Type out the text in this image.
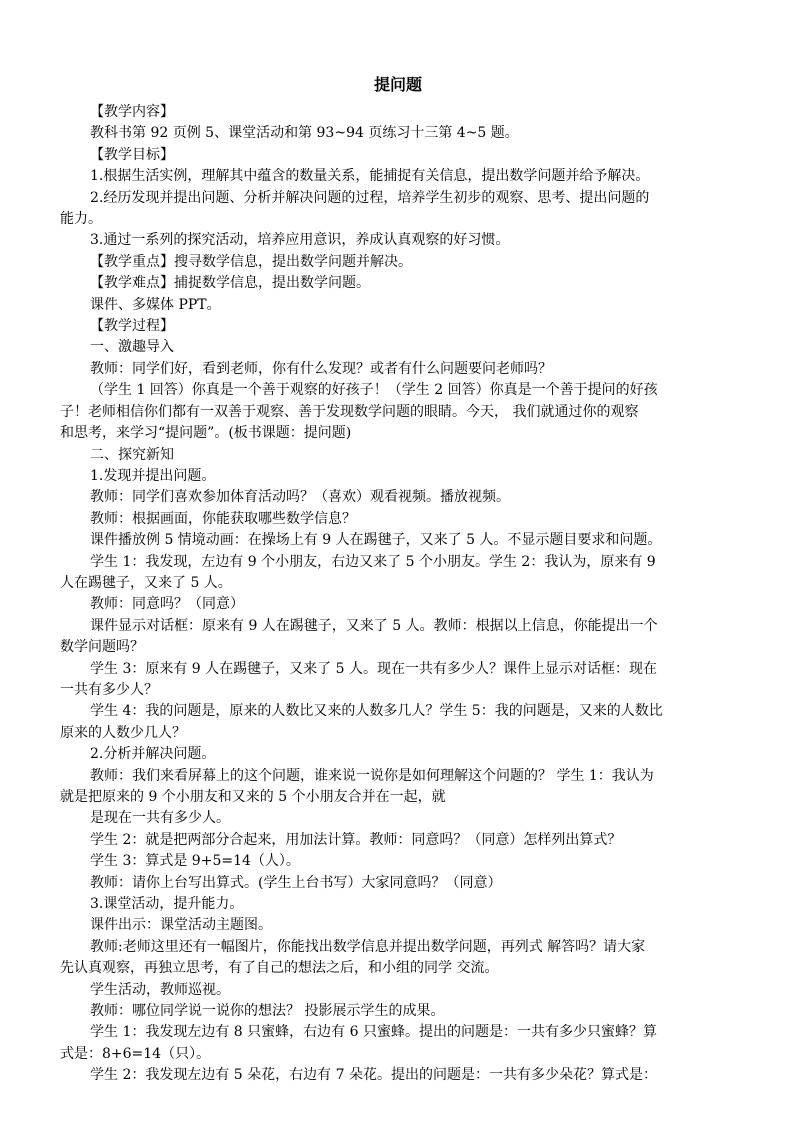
提问题
【教学内容】
教科书第 92 页例 5、课堂活动和第 93~94 页练习十三第 4~5 题。
【教学目标】
1.根据生活实例，理解其中蕴含的数量关系，能捕捉有关信息，提出数学问题并给予解决。
2.经历发现并提出问题、分析并解决问题的过程，培养学生初步的观察、思考、提出问题的
能力。
3.通过一系列的探究活动，培养应用意识，养成认真观察的好习惯。
【教学重点】搜寻数学信息，提出数学问题并解决。
【教学难点】捕捉数学信息，提出数学问题。
课件、多媒体 PPT。
【教学过程】
一、激趣导入
教师：同学们好，看到老师，你有什么发现？或者有什么问题要问老师吗？
（学生 1 回答）你真是一个善于观察的好孩子！（学生 2 回答）你真是一个善于提问的好孩
子！老师相信你们都有一双善于观察、善于发现数学问题的眼睛。今天， 我们就通过你的观察
和思考，来学习“提问题”。(板书课题：提问题)
二、探究新知
1.发现并提出问题。
教师：同学们喜欢参加体育活动吗？（喜欢）观看视频。播放视频。
教师：根据画面，你能获取哪些数学信息？
课件播放例 5 情境动画：在操场上有 9 人在踢毽子，又来了 5 人。不显示题目要求和问题。
学生 1：我发现，左边有 9 个小朋友，右边又来了 5 个小朋友。学生 2：我认为，原来有 9
人在踢毽子，又来了 5 人。
教师：同意吗？（同意）
课件显示对话框：原来有 9 人在踢毽子，又来了 5 人。教师：根据以上信息，你能提出一个
数学问题吗？
学生 3：原来有 9 人在踢毽子，又来了 5 人。现在一共有多少人？课件上显示对话框：现在
一共有多少人？
学生 4：我的问题是，原来的人数比又来的人数多几人？学生 5：我的问题是，又来的人数比
原来的人数少几人？
2.分析并解决问题。
教师：我们来看屏幕上的这个问题，谁来说一说你是如何理解这个问题的？ 学生 1：我认为
就是把原来的 9 个小朋友和又来的 5 个小朋友合并在一起，就
是现在一共有多少人。
学生 2：就是把两部分合起来，用加法计算。教师：同意吗？（同意）怎样列出算式？
学生 3：算式是 9+5=14（人）。
教师：请你上台写出算式。(学生上台书写）大家同意吗？（同意）
3.课堂活动，提升能力。
课件出示：课堂活动主题图。
教师:老师这里还有一幅图片，你能找出数学信息并提出数学问题，再列式 解答吗？请大家
先认真观察，再独立思考，有了自己的想法之后，和小组的同学 交流。
学生活动，教师巡视。
教师：哪位同学说一说你的想法？ 投影展示学生的成果。
学生 1：我发现左边有 8 只蜜蜂，右边有 6 只蜜蜂。提出的问题是：一共有多少只蜜蜂？算
式是：8+6=14（只）。
学生 2：我发现左边有 5 朵花，右边有 7 朵花。提出的问题是：一共有多少朵花？算式是：
